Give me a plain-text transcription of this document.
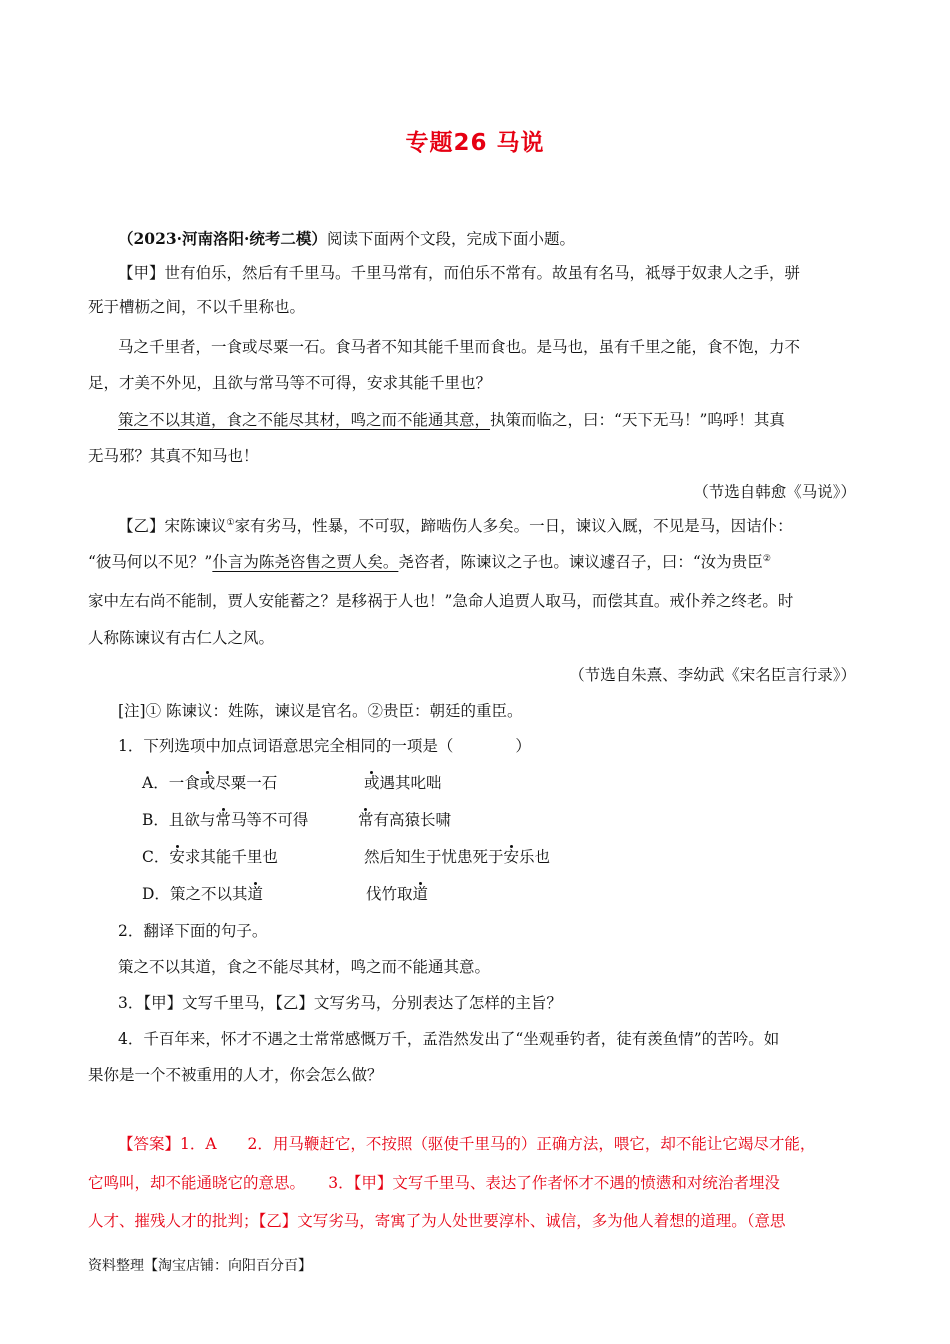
专题26 马说
（2023·河南洛阳·统考二模）阅读下面两个文段，完成下面小题。
【甲】世有伯乐，然后有千里马。千里马常有，而伯乐不常有。故虽有名马，祗辱于奴隶人之手，骈
死于槽枥之间，不以千里称也。
马之千里者，一食或尽粟一石。食马者不知其能千里而食也。是马也，虽有千里之能，食不饱，力不
足，才美不外见，且欲与常马等不可得，安求其能千里也？
策之不以其道，食之不能尽其材，鸣之而不能通其意，执策而临之，曰：“天下无马！”呜呼！其真
无马邪？其真不知马也！
（节选自韩愈《马说》）
【乙】宋陈谏议①家有劣马，性暴，不可驭，蹄啮伤人多矣。一日，谏议入厩，不见是马，因诘仆：
“彼马何以不见？”仆言为陈尧咨售之贾人矣。尧咨者，陈谏议之子也。谏议遽召子，曰：“汝为贵臣②
家中左右尚不能制，贾人安能蓄之？是移祸于人也！”急命人追贾人取马，而偿其直。戒仆养之终老。时
人称陈谏议有古仁人之风。
（节选自朱熹、李幼武《宋名臣言行录》）
[注]① 陈谏议：姓陈，谏议是官名。②贵臣：朝廷的重臣。
1．下列选项中加点词语意思完全相同的一项是（　　　　）
A．一食或尽粟一石	或遇其叱咄
B．且欲与常马等不可得	常有高猿长啸
C．安求其能千里也	然后知生于忧患死于安乐也
D．策之不以其道	伐竹取道
2．翻译下面的句子。
策之不以其道，食之不能尽其材，鸣之而不能通其意。
3．【甲】文写千里马，【乙】文写劣马，分别表达了怎样的主旨？
4．千百年来，怀才不遇之士常常感慨万千，孟浩然发出了“坐观垂钓者，徒有羡鱼情”的苦吟。如
果你是一个不被重用的人才，你会怎么做？
【答案】1．A　　2．用马鞭赶它，不按照（驱使千里马的）正确方法，喂它，却不能让它竭尽才能，
它鸣叫，却不能通晓它的意思。　　3．【甲】文写千里马、表达了作者怀才不遇的愤懑和对统治者埋没
人才、摧残人才的批判；【乙】文写劣马，寄寓了为人处世要淳朴、诚信，多为他人着想的道理。（意思
资料整理【淘宝店铺：向阳百分百】
